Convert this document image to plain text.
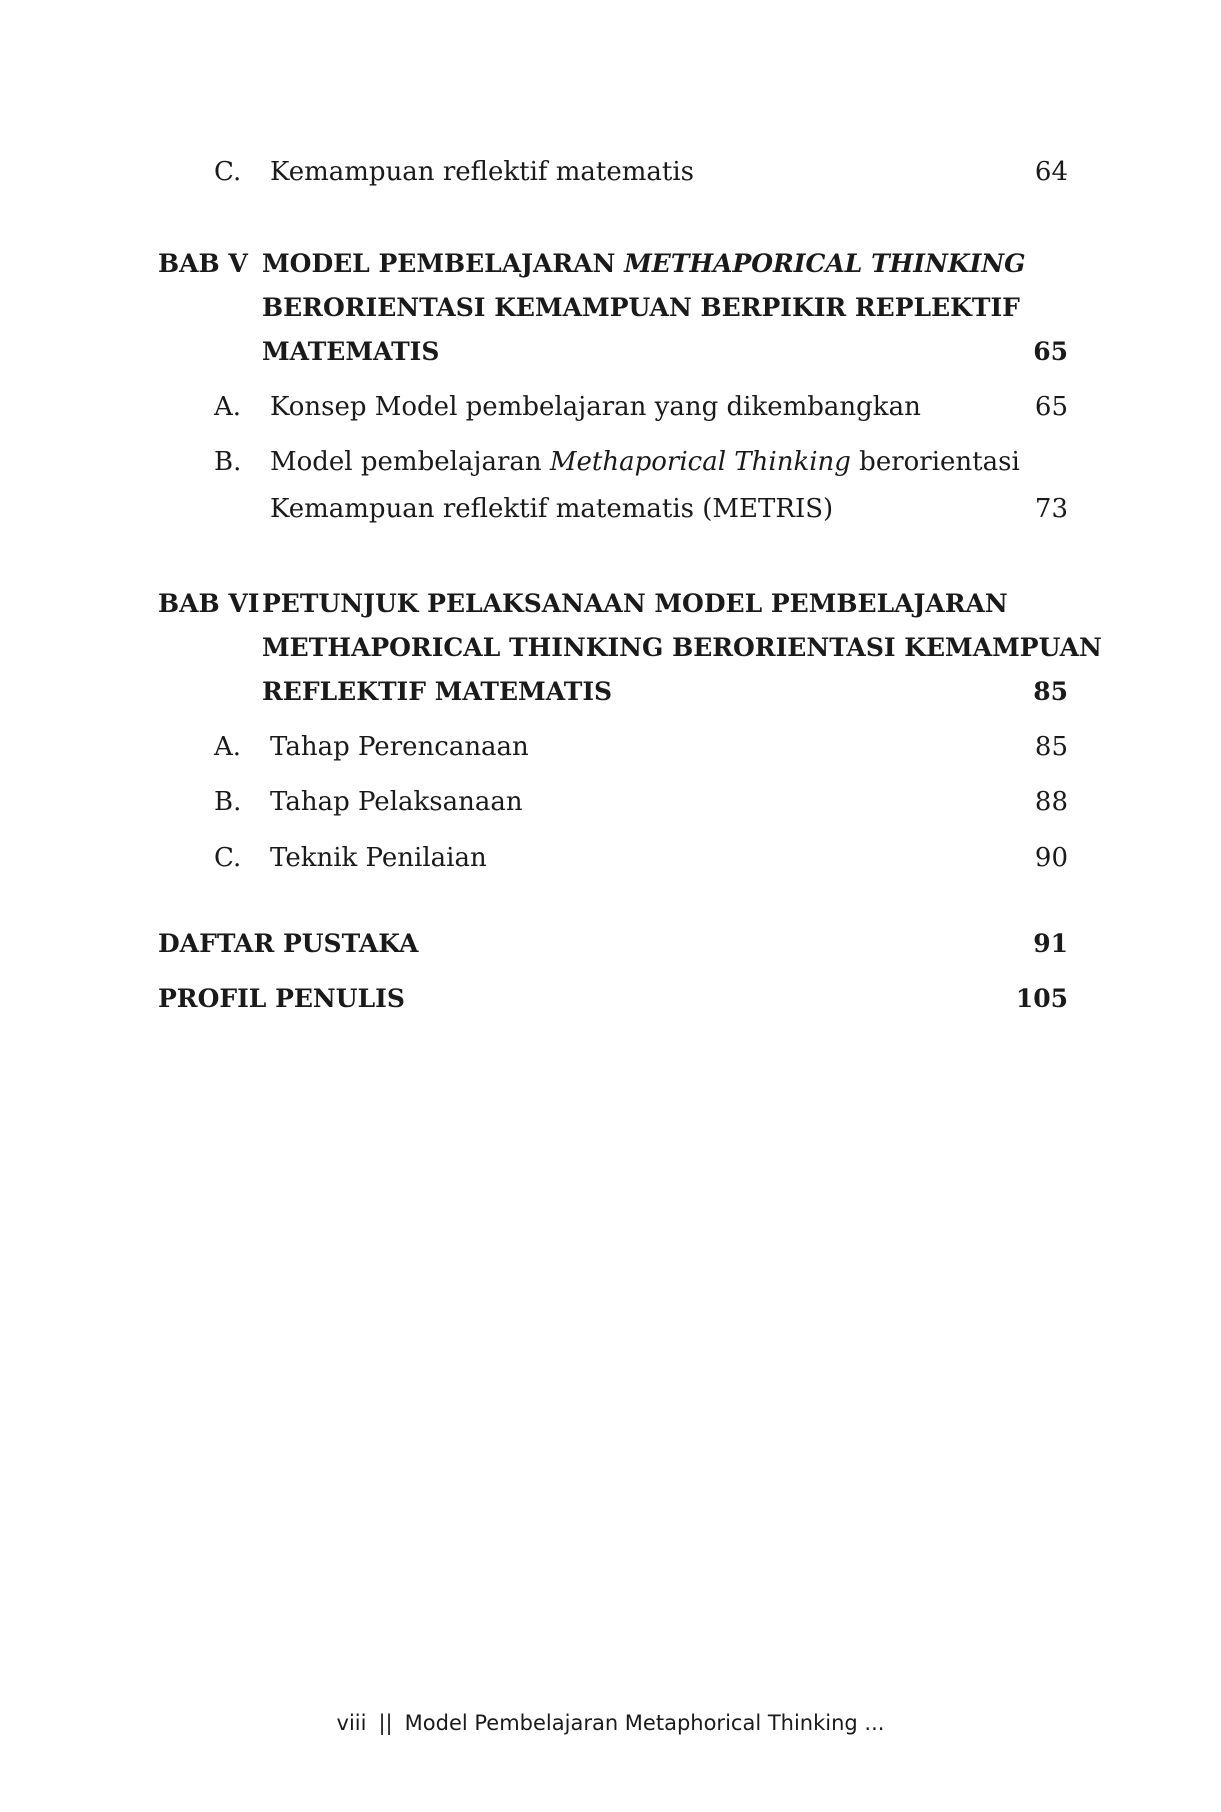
C. Kemampuan reflektif matematis	64
BAB V MODEL PEMBELAJARAN METHAPORICAL THINKING
BERORIENTASI KEMAMPUAN BERPIKIR REPLEKTIF
MATEMATIS	65
A. Konsep Model pembelajaran yang dikembangkan	65
B. Model pembelajaran Methaporical Thinking berorientasi
Kemampuan reflektif matematis (METRIS)	73
BAB VI PETUNJUK PELAKSANAAN MODEL PEMBELAJARAN
METHAPORICAL THINKING BERORIENTASI KEMAMPUAN
REFLEKTIF MATEMATIS	85
A. Tahap Perencanaan	85
B. Tahap Pelaksanaan	88
C. Teknik Penilaian	90
DAFTAR PUSTAKA	91
PROFIL PENULIS	105
viii || Model Pembelajaran Metaphorical Thinking ...
